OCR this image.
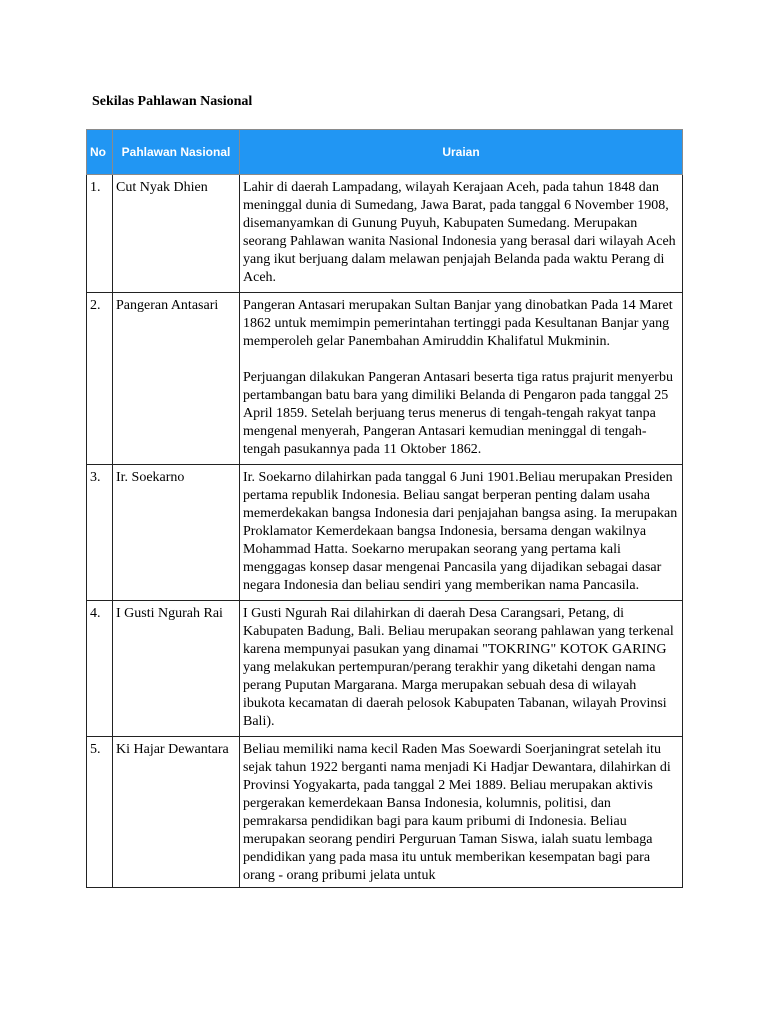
Sekilas Pahlawan Nasional
No	Pahlawan Nasional	Uraian
1.	Cut Nyak Dhien	Lahir di daerah Lampadang, wilayah Kerajaan Aceh, pada tahun 1848 dan meninggal dunia di Sumedang, Jawa Barat, pada tanggal 6 November 1908, disemanyamkan di Gunung Puyuh, Kabupaten Sumedang. Merupakan seorang Pahlawan wanita Nasional Indonesia yang berasal dari wilayah Aceh yang ikut berjuang dalam melawan penjajah Belanda pada waktu Perang di Aceh.

2.	Pangeran Antasari	Pangeran Antasari merupakan Sultan Banjar yang dinobatkan Pada 14 Maret 1862 untuk memimpin pemerintahan tertinggi pada Kesultanan Banjar yang memperoleh gelar Panembahan Amiruddin Khalifatul Mukminin.
Perjuangan dilakukan Pangeran Antasari beserta tiga ratus prajurit menyerbu pertambangan batu bara yang dimiliki Belanda di Pengaron pada tanggal 25 April 1859. Setelah berjuang terus menerus di tengah-tengah rakyat tanpa mengenal menyerah, Pangeran Antasari kemudian meninggal di tengah-tengah pasukannya pada 11 Oktober 1862.

3.	Ir. Soekarno	Ir. Soekarno dilahirkan pada tanggal 6 Juni 1901.Beliau merupakan Presiden pertama republik Indonesia. Beliau sangat berperan penting dalam usaha memerdekakan bangsa Indonesia dari penjajahan bangsa asing. Ia merupakan Proklamator Kemerdekaan bangsa Indonesia, bersama dengan wakilnya Mohammad Hatta. Soekarno merupakan seorang yang pertama kali menggagas konsep dasar mengenai Pancasila yang dijadikan sebagai dasar negara Indonesia dan beliau sendiri yang memberikan nama Pancasila.

4.	I Gusti Ngurah Rai	I Gusti Ngurah Rai dilahirkan di daerah Desa Carangsari, Petang, di Kabupaten Badung, Bali. Beliau merupakan seorang pahlawan yang terkenal karena mempunyai pasukan yang dinamai "TOKRING" KOTOK GARING yang melakukan pertempuran/perang terakhir yang diketahi dengan nama perang Puputan Margarana. Marga merupakan sebuah desa di wilayah ibukota kecamatan di daerah pelosok Kabupaten Tabanan, wilayah Provinsi Bali).

5.	Ki Hajar Dewantara	Beliau memiliki nama kecil Raden Mas Soewardi Soerjaningrat setelah itu sejak tahun 1922 berganti nama menjadi Ki Hadjar Dewantara, dilahirkan di Provinsi Yogyakarta, pada tanggal 2 Mei 1889. Beliau merupakan aktivis pergerakan kemerdekaan Bansa Indonesia, kolumnis, politisi, dan pemrakarsa pendidikan bagi para kaum pribumi di Indonesia. Beliau merupakan seorang pendiri Perguruan Taman Siswa, ialah suatu lembaga pendidikan yang pada masa itu untuk memberikan kesempatan bagi para orang - orang pribumi jelata untuk
